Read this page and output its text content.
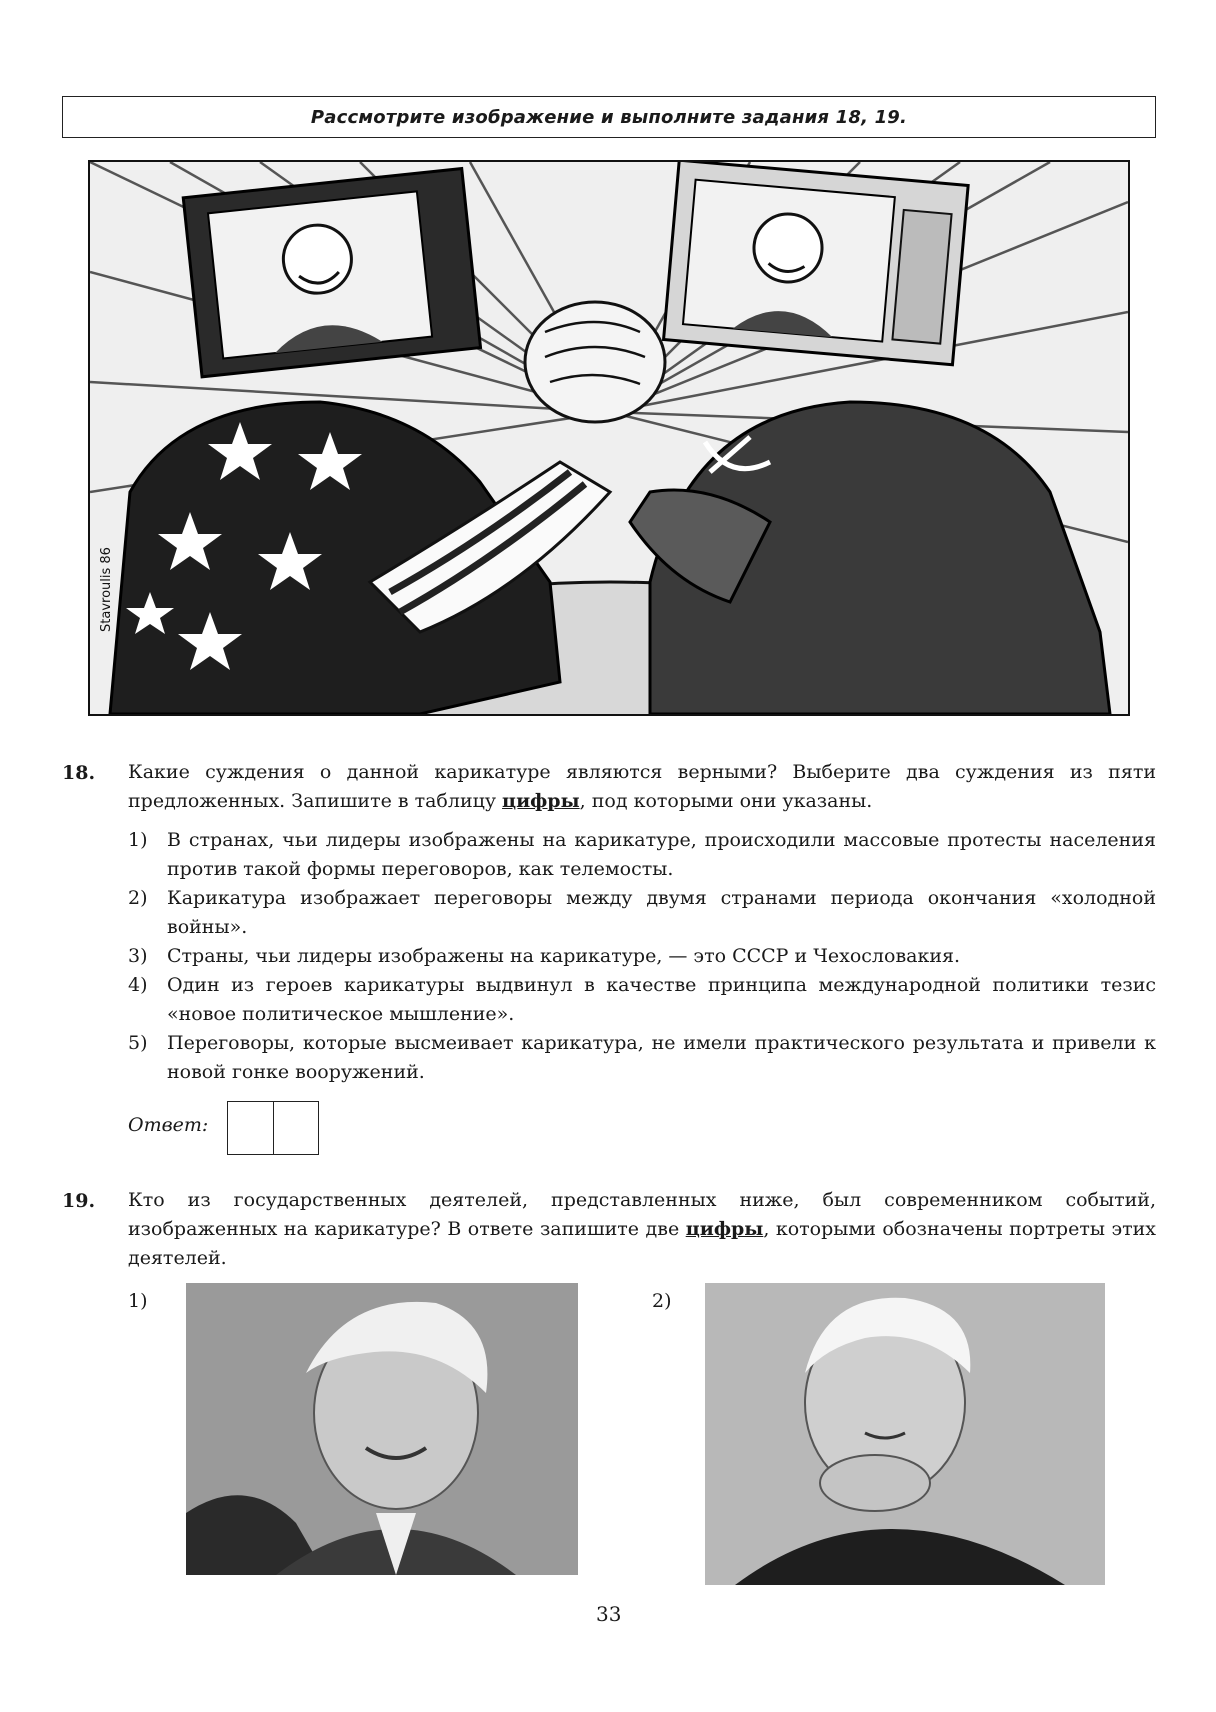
Рассмотрите изображение и выполните задания 18, 19.
Stavroulis 86
18. Какие суждения о данной карикатуре являются верными? Выберите два суждения из пяти предложенных. Запишите в таблицу цифры, под которыми они указаны.
1) В странах, чьи лидеры изображены на карикатуре, происходили массовые протесты населения против такой формы переговоров, как телемосты.
2) Карикатура изображает переговоры между двумя странами периода окончания «холодной войны».
3) Страны, чьи лидеры изображены на карикатуре, — это СССР и Чехословакия.
4) Один из героев карикатуры выдвинул в качестве принципа международной политики тезис «новое политическое мышление».
5) Переговоры, которые высмеивает карикатура, не имели практического результата и привели к новой гонке вооружений.
Ответ:
19. Кто из государственных деятелей, представленных ниже, был современником событий, изображенных на карикатуре? В ответе запишите две цифры, которыми обозначены портреты этих деятелей.
1)	2)
33
